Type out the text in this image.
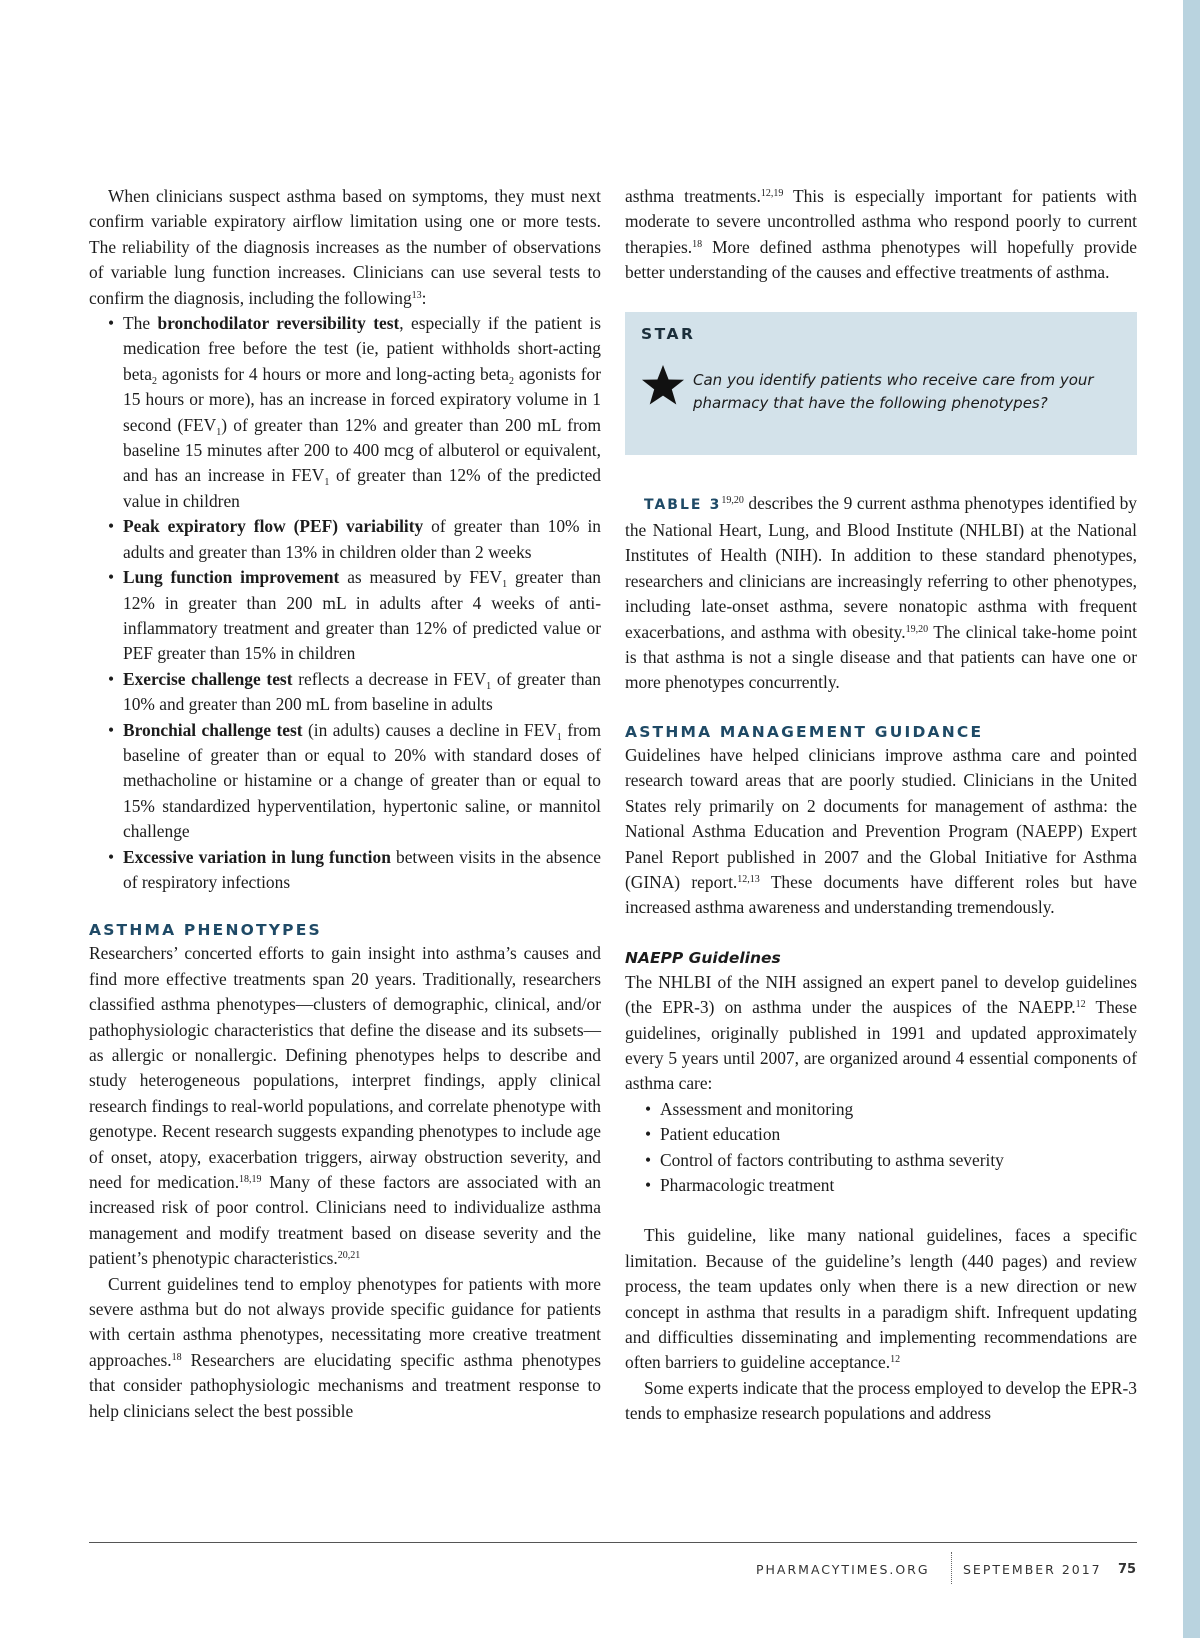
When clinicians suspect asthma based on symptoms, they must next confirm variable expiratory airflow limitation using one or more tests. The reliability of the diagnosis increases as the number of observations of variable lung function increases. Clinicians can use several tests to confirm the diagnosis, including the following$^{13}$:

• The bronchodilator reversibility test, especially if the patient is medication free before the test (ie, patient withholds short-acting beta$_2$ agonists for 4 hours or more and long-acting beta$_2$ agonists for 15 hours or more), has an increase in forced expiratory volume in 1 second $(FEV_1)$ of greater than 12% and greater than 200 mL from baseline 15 minutes after 200 to 400 mcg of albuterol or equivalent, and has an increase in $FEV_1$ of greater than 12% of the predicted value in children
• Peak expiratory flow (PEF) variability of greater than 10% in adults and greater than 13% in children older than 2 weeks
• Lung function improvement as measured by $FEV_1$ greater than 12% in greater than 200 mL in adults after 4 weeks of anti-inflammatory treatment and greater than 12% of predicted value or PEF greater than 15% in children
• Exercise challenge test reflects a decrease in $FEV_1$ of greater than 10% and greater than 200 mL from baseline in adults
• Bronchial challenge test (in adults) causes a decline in $FEV_1$ from baseline of greater than or equal to 20% with standard doses of methacholine or histamine or a change of greater than or equal to 15% standardized hyperventilation, hypertonic saline, or mannitol challenge
• Excessive variation in lung function between visits in the absence of respiratory infections
ASTHMA PHENOTYPES

Researchers’ concerted efforts to gain insight into asthma’s causes and find more effective treatments span 20 years. Traditionally, researchers classified asthma phenotypes—clusters of demographic, clinical, and/or pathophysiologic characteristics that define the disease and its subsets—as allergic or nonallergic. Defining phenotypes helps to describe and study heterogeneous populations, interpret findings, apply clinical research findings to real-world populations, and correlate phenotype with genotype. Recent research suggests expanding phenotypes to include age of onset, atopy, exacerbation triggers, airway obstruction severity, and need for medication.$^{18,19}$ Many of these factors are associated with an increased risk of poor control. Clinicians need to individualize asthma management and modify treatment based on disease severity and the patient’s phenotypic characteristics.$^{20,21}$

Current guidelines tend to employ phenotypes for patients with more severe asthma but do not always provide specific guidance for patients with certain asthma phenotypes, necessitating more creative treatment approaches.$^{18}$ Researchers are elucidating specific asthma phenotypes that consider pathophysiologic mechanisms and treatment response to help clinicians select the best possible

asthma treatments.$^{12,19}$ This is especially important for patients with moderate to severe uncontrolled asthma who respond poorly to current therapies.$^{18}$ More defined asthma phenotypes will hopefully provide better understanding of the causes and effective treatments of asthma.

STAR
Can you identify patients who receive care from your pharmacy that have the following phenotypes?

TABLE 3$^{19,20}$ describes the 9 current asthma phenotypes identified by the National Heart, Lung, and Blood Institute (NHLBI) at the National Institutes of Health (NIH). In addition to these standard phenotypes, researchers and clinicians are increasingly referring to other phenotypes, including late-onset asthma, severe nonatopic asthma with frequent exacerbations, and asthma with obesity.$^{19,20}$ The clinical take-home point is that asthma is not a single disease and that patients can have one or more phenotypes concurrently.

ASTHMA MANAGEMENT GUIDANCE

Guidelines have helped clinicians improve asthma care and pointed research toward areas that are poorly studied. Clinicians in the United States rely primarily on 2 documents for management of asthma: the National Asthma Education and Prevention Program (NAEPP) Expert Panel Report published in 2007 and the Global Initiative for Asthma (GINA) report.$^{12,13}$ These documents have different roles but have increased asthma awareness and understanding tremendously.

NAEPP Guidelines

The NHLBI of the NIH assigned an expert panel to develop guidelines (the EPR-3) on asthma under the auspices of the NAEPP.$^{12}$ These guidelines, originally published in 1991 and updated approximately every 5 years until 2007, are organized around 4 essential components of asthma care:

• Assessment and monitoring
• Patient education
• Control of factors contributing to asthma severity
• Pharmacologic treatment

This guideline, like many national guidelines, faces a specific limitation. Because of the guideline’s length (440 pages) and review process, the team updates only when there is a new direction or new concept in asthma that results in a paradigm shift. Infrequent updating and difficulties disseminating and implementing recommendations are often barriers to guideline acceptance.$^{12}$

Some experts indicate that the process employed to develop the EPR-3 tends to emphasize research populations and address

PHARMACYTIMES.ORG	SEPTEMBER 2017 75
